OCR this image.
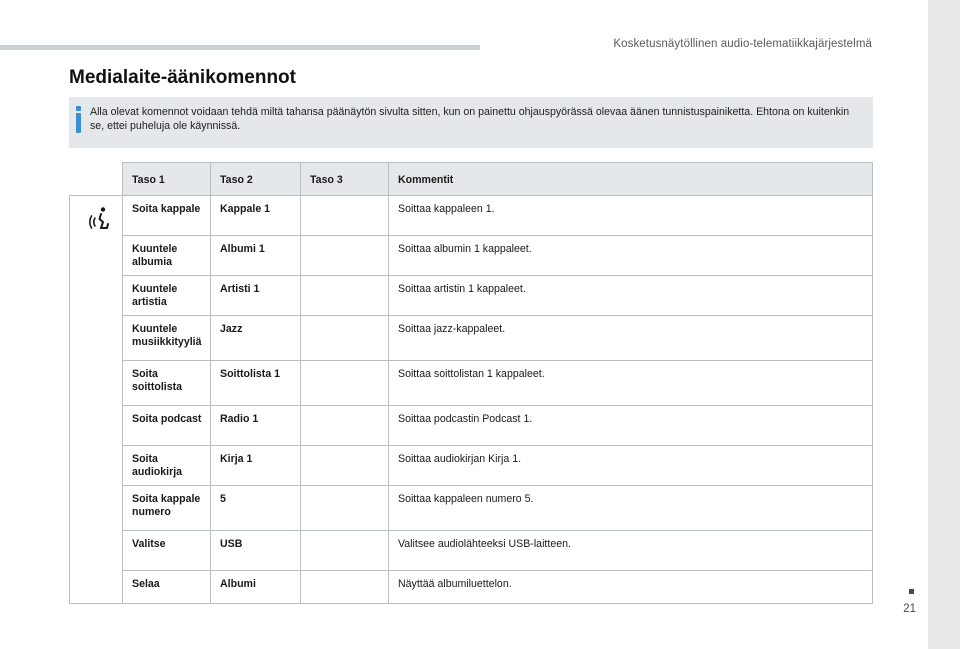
Kosketusnäytöllinen audio-telematiikkajärjestelmä
Medialaite-äänikomennot
Alla olevat komennot voidaan tehdä miltä tahansa päänäytön sivulta sitten, kun on painettu ohjauspyörässä olevaa äänen tunnistuspainiketta. Ehtona on kuitenkin se, ettei puheluja ole käynnissä.
	Taso 1	Taso 2	Taso 3	Kommentit

	Soita kappale	Kappale 1		Soittaa kappaleen 1.
	Kuuntele albumia	Albumi 1		Soittaa albumin 1 kappaleet.
	Kuuntele artistia	Artisti 1		Soittaa artistin 1 kappaleet.
	Kuuntele musiikkityyliä	Jazz		Soittaa jazz-kappaleet.
	Soita soittolista	Soittolista 1		Soittaa soittolistan 1 kappaleet.
	Soita podcast	Radio 1		Soittaa podcastin Podcast 1.
	Soita audiokirja	Kirja 1		Soittaa audiokirjan Kirja 1.
	Soita kappale numero	5		Soittaa kappaleen numero 5.
	Valitse	USB		Valitsee audiolähteeksi USB-laitteen.
	Selaa	Albumi		Näyttää albumiluettelon.
21
